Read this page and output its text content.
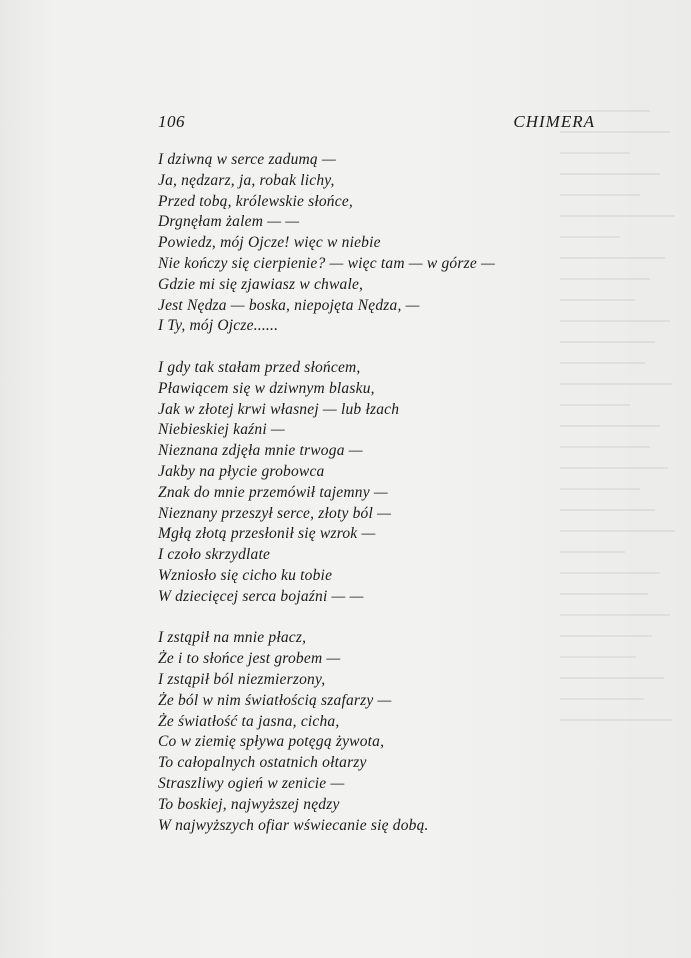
106	CHIMERA
I dziwną w serce zadumą —
Ja, nędzarz, ja, robak lichy,
Przed tobą, królewskie słońce,
Drgnęłam żalem — —
Powiedz, mój Ojcze! więc w niebie
Nie kończy się cierpienie? — więc tam — w górze —
Gdzie mi się zjawiasz w chwale,
Jest Nędza — boska, niepojęta Nędza, —
I Ty, mój Ojcze......
I gdy tak stałam przed słońcem,
Pławiącem się w dziwnym blasku,
Jak w złotej krwi własnej — lub łzach
Niebieskiej kaźni —
Nieznana zdjęła mnie trwoga —
Jakby na płycie grobowca
Znak do mnie przemówił tajemny —
Nieznany przeszył serce, złoty ból —
Mgłą złotą przesłonił się wzrok —
I czoło skrzydlate
Wzniosło się cicho ku tobie
W dziecięcej serca bojaźni — —
I zstąpił na mnie płacz,
Że i to słońce jest grobem —
I zstąpił ból niezmierzony,
Że ból w nim światłością szafarzy —
Że światłość ta jasna, cicha,
Co w ziemię spływa potęgą żywota,
To całopalnych ostatnich ołtarzy
Straszliwy ogień w zenicie —
To boskiej, najwyższej nędzy
W najwyższych ofiar wświecanie się dobą.
